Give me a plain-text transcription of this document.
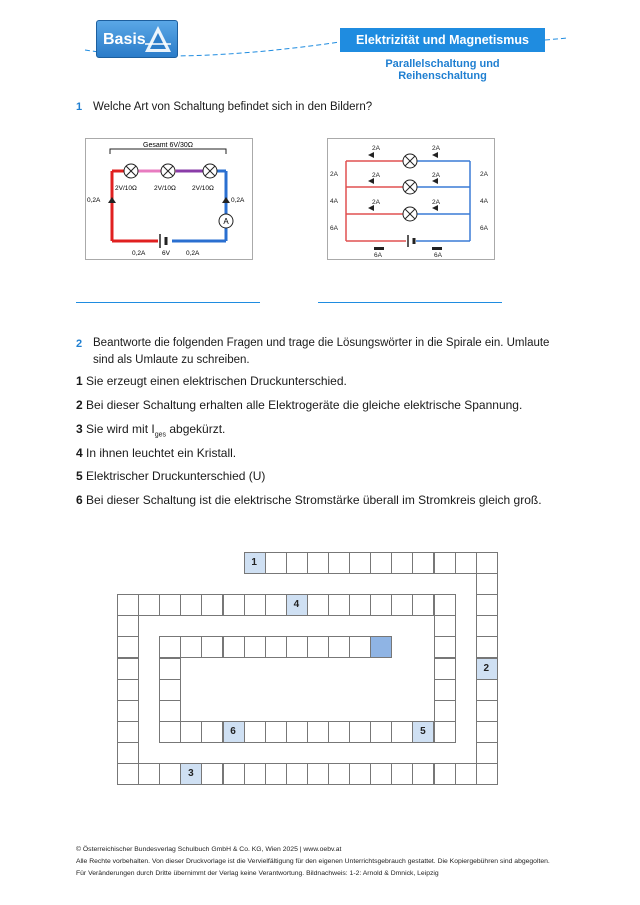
Basis	Elektrizität und Magnetismus
Parallelschaltung und Reihenschaltung
1 Welche Art von Schaltung befindet sich in den Bildern?
Gesamt 6V/30Ω
A
2V/10Ω	2V/10Ω 2V/10Ω
0,2A	0,2A
0,2A	6V 0,2A
2A	2A
2A	2A
2A	2A
2A
4A
6A
2A
4A
6A
6A	6A
2 Beantworte die folgenden Fragen und trage die Lösungswörter in die Spirale ein. Umlaute sind als Umlaute zu schreiben.
1 Sie erzeugt einen elektrischen Druckunterschied.
2 Bei dieser Schaltung erhalten alle Elektrogeräte die gleiche elektrische Spannung.
3 Sie wird mit $I_{ges}$ abgekürzt.
4 In ihnen leuchtet ein Kristall.
5 Elektrischer Druckunterschied (U)
6 Bei dieser Schaltung ist die elektrische Stromstärke überall im Stromkreis gleich groß.
1
2
3
4
5
6
© Österreichischer Bundesverlag Schulbuch GmbH & Co. KG, Wien 2025 | www.oebv.at
Alle Rechte vorbehalten. Von dieser Druckvorlage ist die Vervielfältigung für den eigenen Unterrichtsgebrauch gestattet. Die Kopiergebühren sind abgegolten.
Für Veränderungen durch Dritte übernimmt der Verlag keine Verantwortung. Bildnachweis: 1-2: Arnold & Dmnick, Leipzig
